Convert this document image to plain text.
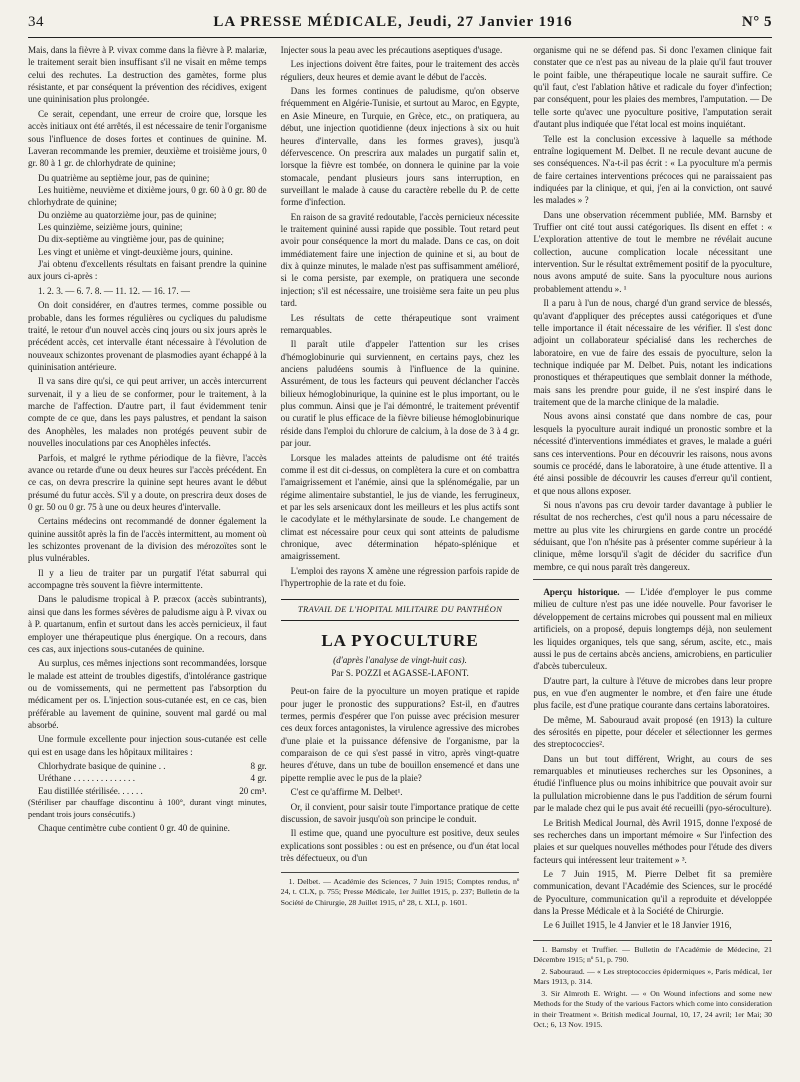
34	LA PRESSE MÉDICALE, Jeudi, 27 Janvier 1916	N° 5

Mais, dans la fièvre à P. vivax comme dans la fièvre à P. malariæ, le traitement serait bien insuffisant s'il ne visait en même temps celui des rechutes. La destruction des gamètes, forme plus résistante, et par conséquent la prévention des récidives, exigent une quininisation plus prolongée.

Ce serait, cependant, une erreur de croire que, lorsque les accès initiaux ont été arrêtés, il est nécessaire de tenir l'organisme sous l'influence de doses fortes et continues de quinine. M. Laveran recommande les premier, deuxième et troisième jours, 0 gr. 80 à 1 gr. de chlorhydrate de quinine;

Du quatrième au septième jour, pas de quinine;

Les huitième, neuvième et dixième jours, 0 gr. 60 à 0 gr. 80 de chlorhydrate de quinine;

Du onzième au quatorzième jour, pas de quinine;

Les quinzième, seizième jours, quinine;

Du dix-septième au vingtième jour, pas de quinine;

Les vingt et unième et vingt-deuxième jours, quinine.

J'ai obtenu d'excellents résultats en faisant prendre la quinine aux jours ci-après :

1. 2. 3. — 6. 7. 8. — 11. 12. — 16. 17. —

On doit considérer, en d'autres termes, comme possible ou probable, dans les formes régulières ou cycliques du paludisme traité, le retour d'un nouvel accès cinq jours ou six jours après le précédent accès, cet intervalle étant nécessaire à l'évolution de nouveaux schizontes provenant de plasmodies ayant échappé à la quininisation antérieure.

Il va sans dire qu'si, ce qui peut arriver, un accès intercurrent survenait, il y a lieu de se conformer, pour le traitement, à la marche de l'affection. D'autre part, il faut évidemment tenir compte de ce que, dans les pays palustres, et pendant la saison des Anophèles, les malades non protégés peuvent subir de nouvelles inoculations par ces Anophèles infectés.

Parfois, et malgré le rythme périodique de la fièvre, l'accès avance ou retarde d'une ou deux heures sur l'accès précédent. En ce cas, on devra prescrire la quinine sept heures avant le début présumé du futur accès. S'il y a doute, on prescrira deux doses de 0 gr. 50 ou 0 gr. 75 à une ou deux heures d'intervalle.

Certains médecins ont recommandé de donner également la quinine aussitôt après la fin de l'accès intermittent, au moment où les schizontes provenant de la division des mérozoïtes sont le plus vulnérables.

Il y a lieu de traiter par un purgatif l'état saburral qui accompagne très souvent la fièvre intermittente.

Dans le paludisme tropical à P. præcox (accès subintrants), ainsi que dans les formes sévères de paludisme aigu à P. vivax ou à P. quartanum, enfin et surtout dans les accès pernicieux, il faut employer une thérapeutique plus énergique. On a recours, dans ces cas, aux injections sous-cutanées de quinine.

Au surplus, ces mêmes injections sont recommandées, lorsque le malade est atteint de troubles digestifs, d'intolérance gastrique ou de vomissements, qui ne permettent pas l'absorption du médicament per os. L'injection sous-cutanée est, en ce cas, bien préférable au lavement de quinine, souvent mal gardé ou mal absorbé.

Une formule excellente pour injection sous-cutanée est celle qui est en usage dans les hôpitaux militaires :

Chlorhydrate basique de quinine . .	8 gr.
Uréthane . . . . . . . . . . . . . .	4 gr.
Eau distillée stérilisée. . . . . .	20 cm³.
(Stériliser par chauffage discontinu à 100°, durant vingt minutes, pendant trois jours consécutifs.)

Chaque centimètre cube contient 0 gr. 40 de quinine.

Injecter sous la peau avec les précautions aseptiques d'usage.

Les injections doivent être faites, pour le traitement des accès réguliers, deux heures et demie avant le début de l'accès.

Dans les formes continues de paludisme, qu'on observe fréquemment en Algérie-Tunisie, et surtout au Maroc, en Egypte, en Asie Mineure, en Turquie, en Grèce, etc., on pratiquera, au début, une injection quotidienne (deux injections à six ou huit heures d'intervalle, dans les formes graves), jusqu'à défervescence. On prescrira aux malades un purgatif salin et, lorsque la fièvre est tombée, on donnera le quinine par la voie stomacale, pendant plusieurs jours sans interruption, en surveillant le malade à cause du caractère rebelle du P. de cette forme d'infection.

En raison de sa gravité redoutable, l'accès pernicieux nécessite le traitement quininé aussi rapide que possible. Tout retard peut avoir pour conséquence la mort du malade. Dans ce cas, on doit immédiatement faire une injection de quinine et si, au bout de dix à quinze minutes, le malade n'est pas suffisamment amélioré, si le coma persiste, par exemple, on pratiquera une seconde injection; s'il est nécessaire, une troisième sera faite un peu plus tard.

Les résultats de cette thérapeutique sont vraiment remarquables.

Il paraît utile d'appeler l'attention sur les crises d'hémoglobinurie qui surviennent, en certains pays, chez les anciens paludéens soumis à l'influence de la quinine. Assurément, de tous les facteurs qui peuvent déclancher l'accès bilieux hémoglobinurique, la quinine est le plus important, ou le plus commun. Ainsi que je l'ai démontré, le traitement préventif ou curatif le plus efficace de la fièvre bilieuse hémoglobinurique réside dans l'emploi du chlorure de calcium, à la dose de 3 à 4 gr. par jour.

Lorsque les malades atteints de paludisme ont été traités comme il est dit ci-dessus, on complètera la cure et on combattra l'amaigrissement et l'anémie, ainsi que la splénomégalie, par un régime alimentaire substantiel, le jus de viande, les ferrugineux, et par les sels arsenicaux dont les meilleurs et les plus actifs sont le cacodylate et le méthylarsinate de soude. Le changement de climat est nécessaire pour ceux qui sont atteints de paludisme chronique, avec détermination hépato-splénique et amaigrissement.

L'emploi des rayons X amène une régression parfois rapide de l'hypertrophie de la rate et du foie.

TRAVAIL DE L'HOPITAL MILITAIRE DU PANTHÉON
LA PYOCULTURE
(d'après l'analyse de vingt-huit cas).
Par S. POZZI et AGASSE-LAFONT.

Peut-on faire de la pyoculture un moyen pratique et rapide pour juger le pronostic des suppurations? Est-il, en d'autres termes, permis d'espérer que l'on puisse avec précision mesurer ces deux forces antagonistes, la virulence agressive des microbes d'une plaie et la puissance défensive de l'organisme, par la comparaison de ce qui s'est passé in vitro, après vingt-quatre heures d'étuve, dans un tube de bouillon ensemencé et dans une pipette remplie avec le pus de la plaie?

C'est ce qu'affirme M. Delbet¹.

Or, il convient, pour saisir toute l'importance pratique de cette discussion, de savoir jusqu'où son principe le conduit.

Il estime que, quand une pyoculture est positive, deux seules explications sont possibles : ou est en présence, ou d'un état local très défectueux, ou d'un

1. Delbet. — Académie des Sciences, 7 Juin 1915; Comptes rendus, nº 24, t. CLX, p. 755; Presse Médicale, 1er Juillet 1915, p. 237; Bulletin de la Société de Chirurgie, 28 Juillet 1915, nº 28, t. XLI, p. 1601.

organisme qui ne se défend pas. Si donc l'examen clinique fait constater que ce n'est pas au niveau de la plaie qu'il faut trouver le point faible, une thérapeutique locale ne saurait suffire. Ce qu'il faut, c'est l'ablation hâtive et radicale du foyer d'infection; par conséquent, pour les plaies des membres, l'amputation. — De telle sorte qu'avec une pyoculture positive, l'amputation serait d'autant plus indiquée que l'état local est moins inquiétant.

Telle est la conclusion excessive à laquelle sa méthode entraîne logiquement M. Delbet. Il ne recule devant aucune de ses conséquences. N'a-t-il pas écrit : « La pyoculture m'a permis de faire certaines interventions précoces qui ne paraissaient pas indiquées par la clinique, et qui, j'en ai la conviction, ont sauvé les malades » ?

Dans une observation récemment publiée, MM. Barnsby et Truffier ont cité tout aussi catégoriques. Ils disent en effet : « L'exploration attentive de tout le membre ne révélait aucune collection, aucune complication locale nécessitant une intervention. Sur le résultat extrêmement positif de la pyoculture, nous avons amputé de suite. Sans la pyoculture nous aurions probablement attendu ». ¹

Il a paru à l'un de nous, chargé d'un grand service de blessés, qu'avant d'appliquer des préceptes aussi catégoriques et d'une telle importance il était nécessaire de les vérifier. Il s'est donc adjoint un collaborateur spécialisé dans les recherches de laboratoire, en vue de faire des essais de pyoculture, selon la technique indiquée par M. Delbet. Puis, notant les indications pronostiques et thérapeutiques que semblait donner la méthode, mais sans les prendre pour guide, il ne s'est inspiré dans le traitement que de la marche clinique de la maladie.

Nous avons ainsi constaté que dans nombre de cas, pour lesquels la pyoculture aurait indiqué un pronostic sombre et la nécessité d'interventions immédiates et graves, le malade a guéri sans ces interventions. Pour en découvrir les raisons, nous avons soumis ce procédé, dans le laboratoire, à une étude attentive. Il a été ainsi possible de découvrir les causes d'erreur qu'il contient, et que nous allons exposer.

Si nous n'avons pas cru devoir tarder davantage à publier le résultat de nos recherches, c'est qu'il nous a paru nécessaire de mettre au plus vite les chirurgiens en garde contre un procédé séduisant, que l'on n'hésite pas à présenter comme supérieur à la clinique, même lorsqu'il s'agit de décider du sacrifice d'un membre, ce qui nous paraît très dangereux.

Aperçu historique. — L'idée d'employer le pus comme milieu de culture n'est pas une idée nouvelle. Pour favoriser le développement de certains microbes qui poussent mal en milieux artificiels, on a proposé, depuis longtemps déjà, non seulement les liquides organiques, tels que sang, sérum, ascite, etc., mais aussi le pus de certains abcès anciens, amicrobiens, en particulier d'abcès tuberculeux.

D'autre part, la culture à l'étuve de microbes dans leur propre pus, en vue d'en augmenter le nombre, et d'en faire une étude plus facile, est d'une pratique courante dans certains laboratoires.

De même, M. Sabouraud avait proposé (en 1913) la culture des sérosités en pipette, pour déceler et sélectionner les germes des streptococcies².

Dans un but tout différent, Wright, au cours de ses remarquables et minutieuses recherches sur les Opsonines, a étudié l'influence plus ou moins inhibitrice que pouvait avoir sur la pullulation microbienne dans le pus l'addition de sérum fourni par le malade chez qui le pus avait été recueilli (pyo-séroculture).

Le British Medical Journal, dès Avril 1915, donne l'exposé de ses recherches dans un important mémoire « Sur l'infection des plaies et sur quelques nouvelles méthodes pour l'étude des divers facteurs qui intéressent leur traitement » ³.

Le 7 Juin 1915, M. Pierre Delbet fit sa première communication, devant l'Académie des Sciences, sur le procédé de Pyoculture, communication qu'il a reproduite et développée dans la Presse Médicale et à la Société de Chirurgie.

Le 6 Juillet 1915, le 4 Janvier et le 18 Janvier 1916,

1. Barnsby et Truffier. — Bulletin de l'Académie de Médecine, 21 Décembre 1915; nº 51, p. 790.

2. Sabouraud. — « Les streptococcies épidermiques », Paris médical, 1er Mars 1913, p. 314.

3. Sir Almroth E. Wright. — « On Wound infections and some new Methods for the Study of the various Factors which come into consideration in their Treatment ». British medical Journal, 10, 17, 24 avril; 1er Mai; 30 Oct.; 6, 13 Nov. 1915.
